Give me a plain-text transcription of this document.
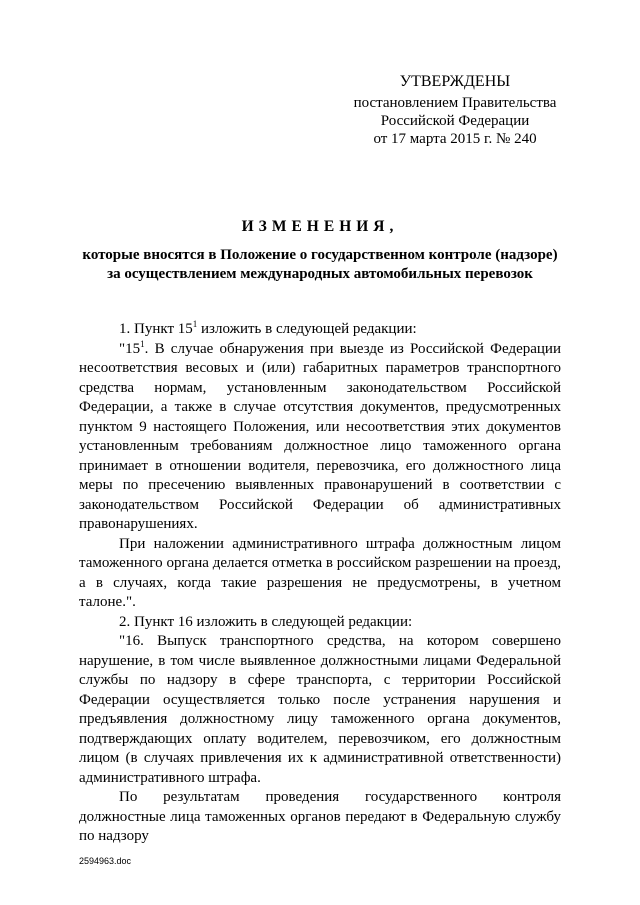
УТВЕРЖДЕНЫ
постановлением Правительства
Российской Федерации
от 17 марта 2015 г. № 240
ИЗМЕНЕНИЯ,
которые вносятся в Положение о государственном контроле (надзоре)
за осуществлением международных автомобильных перевозок

1. Пункт $15^1$ изложить в следующей редакции:

"$15^1$. В случае обнаружения при выезде из Российской Федерации несоответствия весовых и (или) габаритных параметров транспортного средства нормам, установленным законодательством Российской Федерации, а также в случае отсутствия документов, предусмотренных пунктом 9 настоящего Положения, или несоответствия этих документов установленным требованиям должностное лицо таможенного органа принимает в отношении водителя, перевозчика, его должностного лица меры по пресечению выявленных правонарушений в соответствии с законодательством Российской Федерации об административных правонарушениях.

При наложении административного штрафа должностным лицом таможенного органа делается отметка в российском разрешении на проезд, а в случаях, когда такие разрешения не предусмотрены, в учетном талоне.".

2. Пункт 16 изложить в следующей редакции:

"16. Выпуск транспортного средства, на котором совершено нарушение, в том числе выявленное должностными лицами Федеральной службы по надзору в сфере транспорта, с территории Российской Федерации осуществляется только после устранения нарушения и предъявления должностному лицу таможенного органа документов, подтверждающих оплату водителем, перевозчиком, его должностным лицом (в случаях привлечения их к административной ответственности) административного штрафа.

По результатам проведения государственного контроля должностные лица таможенных органов передают в Федеральную службу по надзору

2594963.doc
